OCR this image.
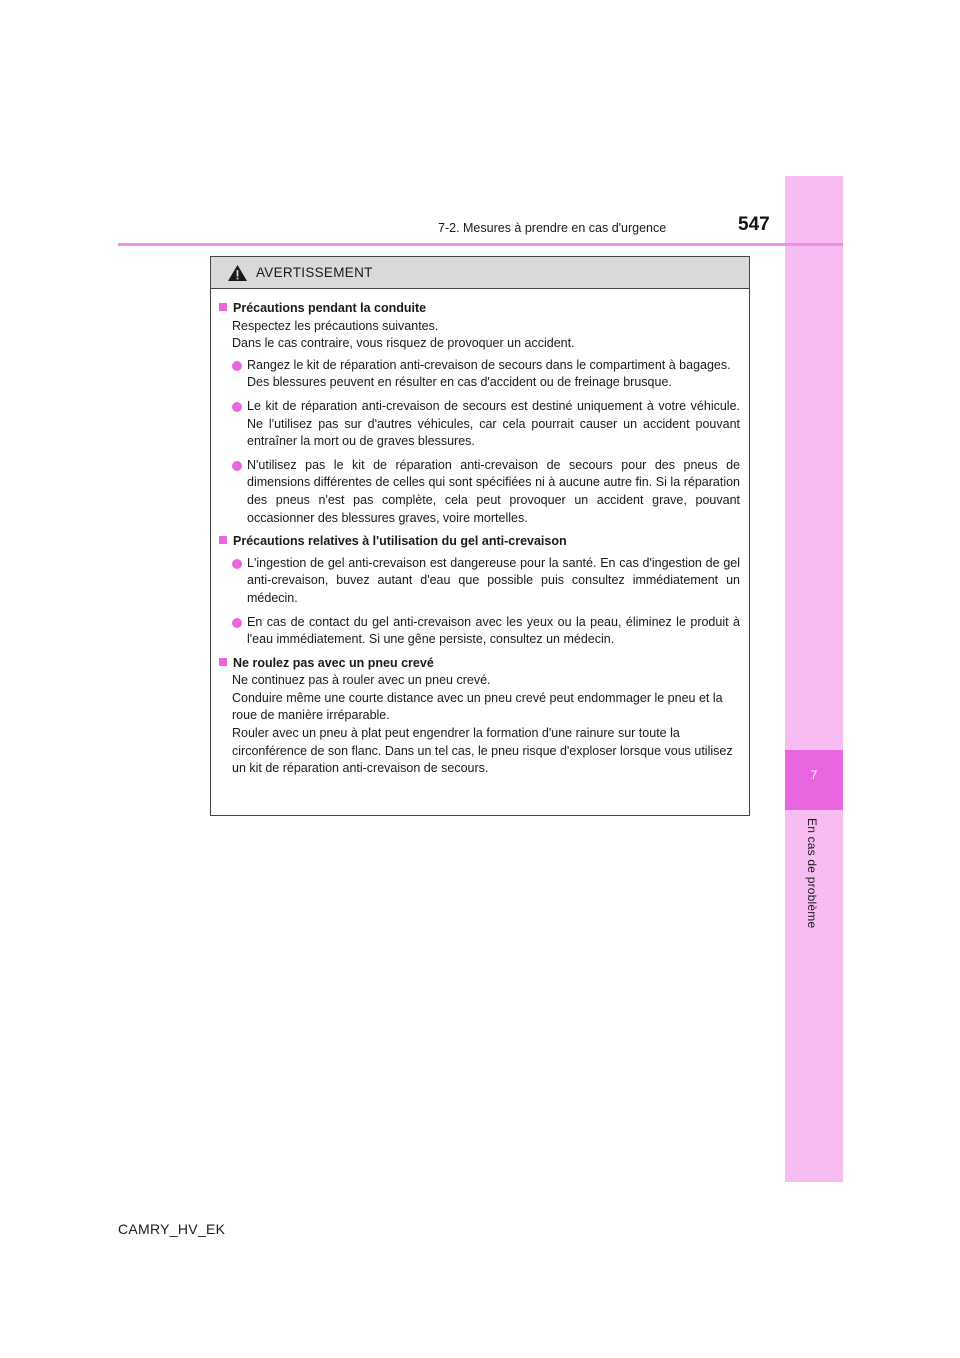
7
En cas de problème
7-2. Mesures à prendre en cas d'urgence	547
AVERTISSEMENT
Précautions pendant la conduite
Respectez les précautions suivantes.
Dans le cas contraire, vous risquez de provoquer un accident.
Rangez le kit de réparation anti-crevaison de secours dans le compartiment à bagages.
Des blessures peuvent en résulter en cas d'accident ou de freinage brusque.
Le kit de réparation anti-crevaison de secours est destiné uniquement à votre véhicule. Ne l'utilisez pas sur d'autres véhicules, car cela pourrait causer un accident pouvant entraîner la mort ou de graves blessures.
N'utilisez pas le kit de réparation anti-crevaison de secours pour des pneus de dimensions différentes de celles qui sont spécifiées ni à aucune autre fin. Si la réparation des pneus n'est pas complète, cela peut provoquer un accident grave, pouvant occasionner des blessures graves, voire mortelles.
Précautions relatives à l'utilisation du gel anti-crevaison
L'ingestion de gel anti-crevaison est dangereuse pour la santé. En cas d'ingestion de gel anti-crevaison, buvez autant d'eau que possible puis consultez immédiatement un médecin.
En cas de contact du gel anti-crevaison avec les yeux ou la peau, éliminez le produit à l'eau immédiatement. Si une gêne persiste, consultez un médecin.
Ne roulez pas avec un pneu crevé
Ne continuez pas à rouler avec un pneu crevé.
Conduire même une courte distance avec un pneu crevé peut endommager le pneu et la roue de manière irréparable.
Rouler avec un pneu à plat peut engendrer la formation d'une rainure sur toute la circonférence de son flanc. Dans un tel cas, le pneu risque d'exploser lorsque vous utilisez un kit de réparation anti-crevaison de secours.
CAMRY_HV_EK
